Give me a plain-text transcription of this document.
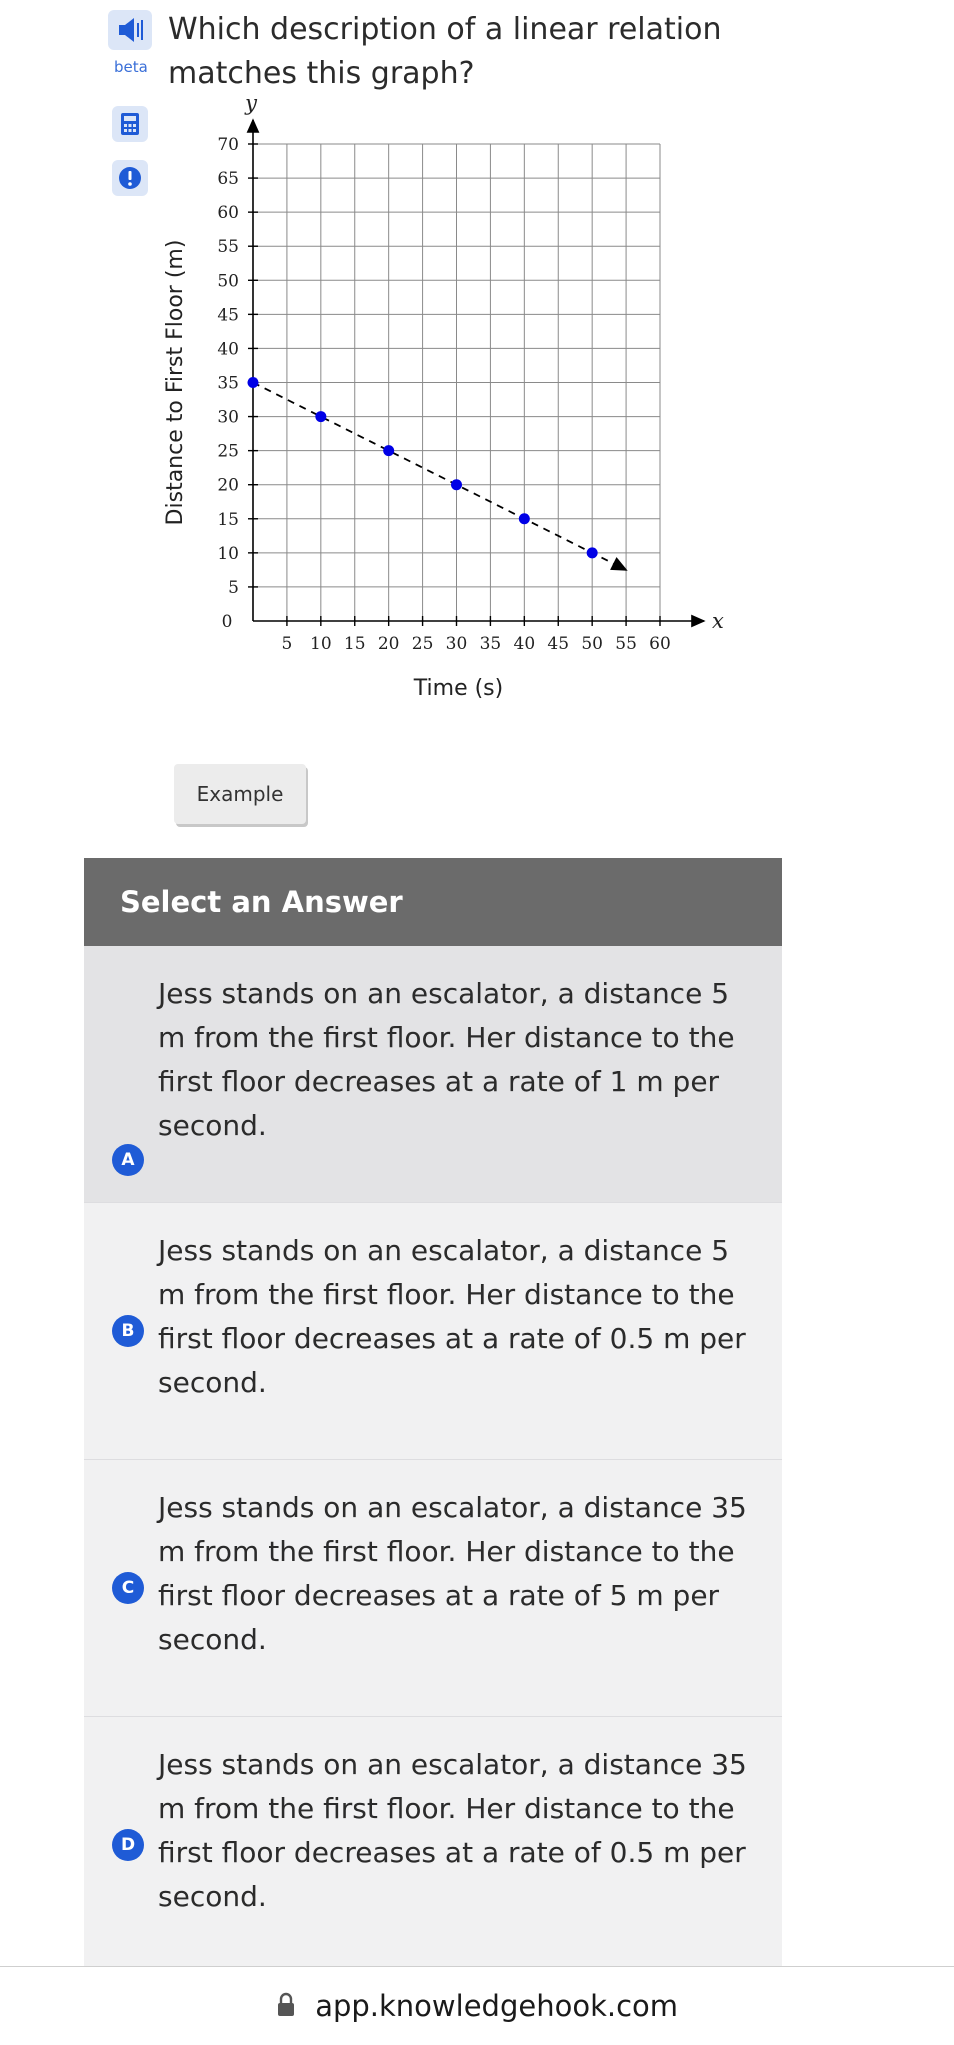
beta
Which description of a linear relation matches this graph?
5 10 15 20 25 30 35 40 45 50 55 60
5
10
15
20
25
30
35
40
45
50
55
60
65
70
0	x
y
Time (s)
Distance to First Floor (m)
Example
Select an Answer
A
Jess stands on an escalator, a distance 5 m from the first floor. Her distance to the first floor decreases at a rate of 1 m per second.
B
Jess stands on an escalator, a distance 5 m from the first floor. Her distance to the first floor decreases at a rate of 0.5 m per second.
C
Jess stands on an escalator, a distance 35 m from the first floor. Her distance to the first floor decreases at a rate of 5 m per second.
D
Jess stands on an escalator, a distance 35 m from the first floor. Her distance to the first floor decreases at a rate of 0.5 m per second.
app.knowledgehook.com
